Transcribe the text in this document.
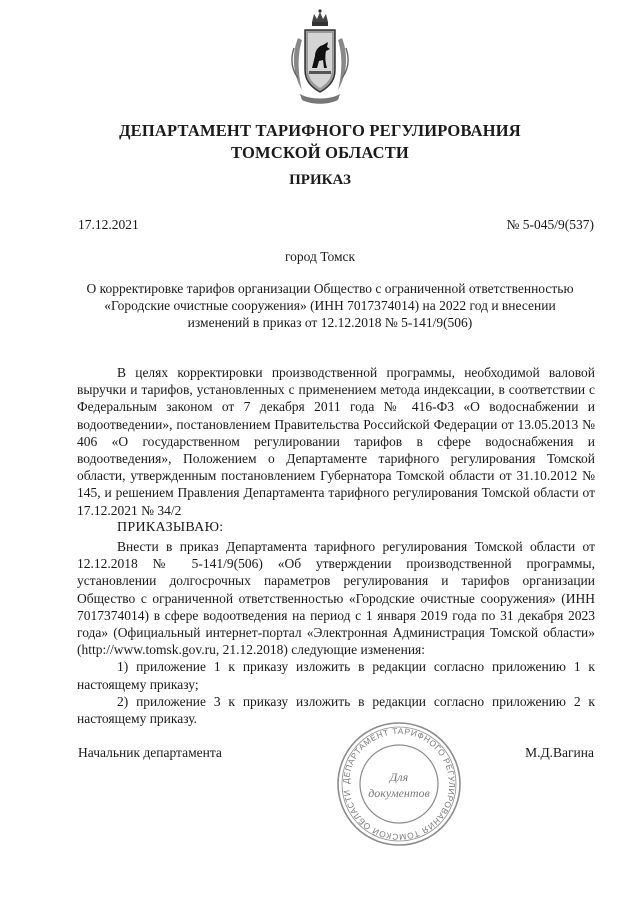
ДЕПАРТАМЕНТ ТАРИФНОГО РЕГУЛИРОВАНИЯ
ТОМСКОЙ ОБЛАСТИ
ПРИКАЗ
17.12.2021	№ 5-045/9(537)
город Томск
О корректировке тарифов организации Общество с ограниченной ответственностью «Городские очистные сооружения» (ИНН 7017374014) на 2022 год и внесении изменений в приказ от 12.12.2018 № 5-141/9(506)

В целях корректировки производственной программы, необходимой валовой выручки и тарифов, установленных с применением метода индексации, в соответствии с Федеральным законом от 7 декабря 2011 года № 416-ФЗ «О водоснабжении и водоотведении», постановлением Правительства Российской Федерации от 13.05.2013 № 406 «О государственном регулировании тарифов в сфере водоснабжения и водоотведения», Положением о Департаменте тарифного регулирования Томской области, утвержденным постановлением Губернатора Томской области от 31.10.2012 № 145, и решением Правления Департамента тарифного регулирования Томской области от 17.12.2021 № 34/2

ПРИКАЗЫВАЮ:

Внести в приказ Департамента тарифного регулирования Томской области от 12.12.2018 № 5-141/9(506) «Об утверждении производственной программы, установлении долгосрочных параметров регулирования и тарифов организации Общество с ограниченной ответственностью «Городские очистные сооружения» (ИНН 7017374014) в сфере водоотведения на период с 1 января 2019 года по 31 декабря 2023 года» (Официальный интернет-портал «Электронная Администрация Томской области» (http://www.tomsk.gov.ru, 21.12.2018) следующие изменения:

1) приложение 1 к приказу изложить в редакции согласно приложению 1 к настоящему приказу;

2) приложение 3 к приказу изложить в редакции согласно приложению 2 к настоящему приказу.

Начальник департамента	М.Д.Вагина
ДЕПАРТАМЕНТ ТАРИФНОГО РЕГУЛИРОВАНИЯ ТОМСКОЙ ОБЛАСТИ
Для
документов
